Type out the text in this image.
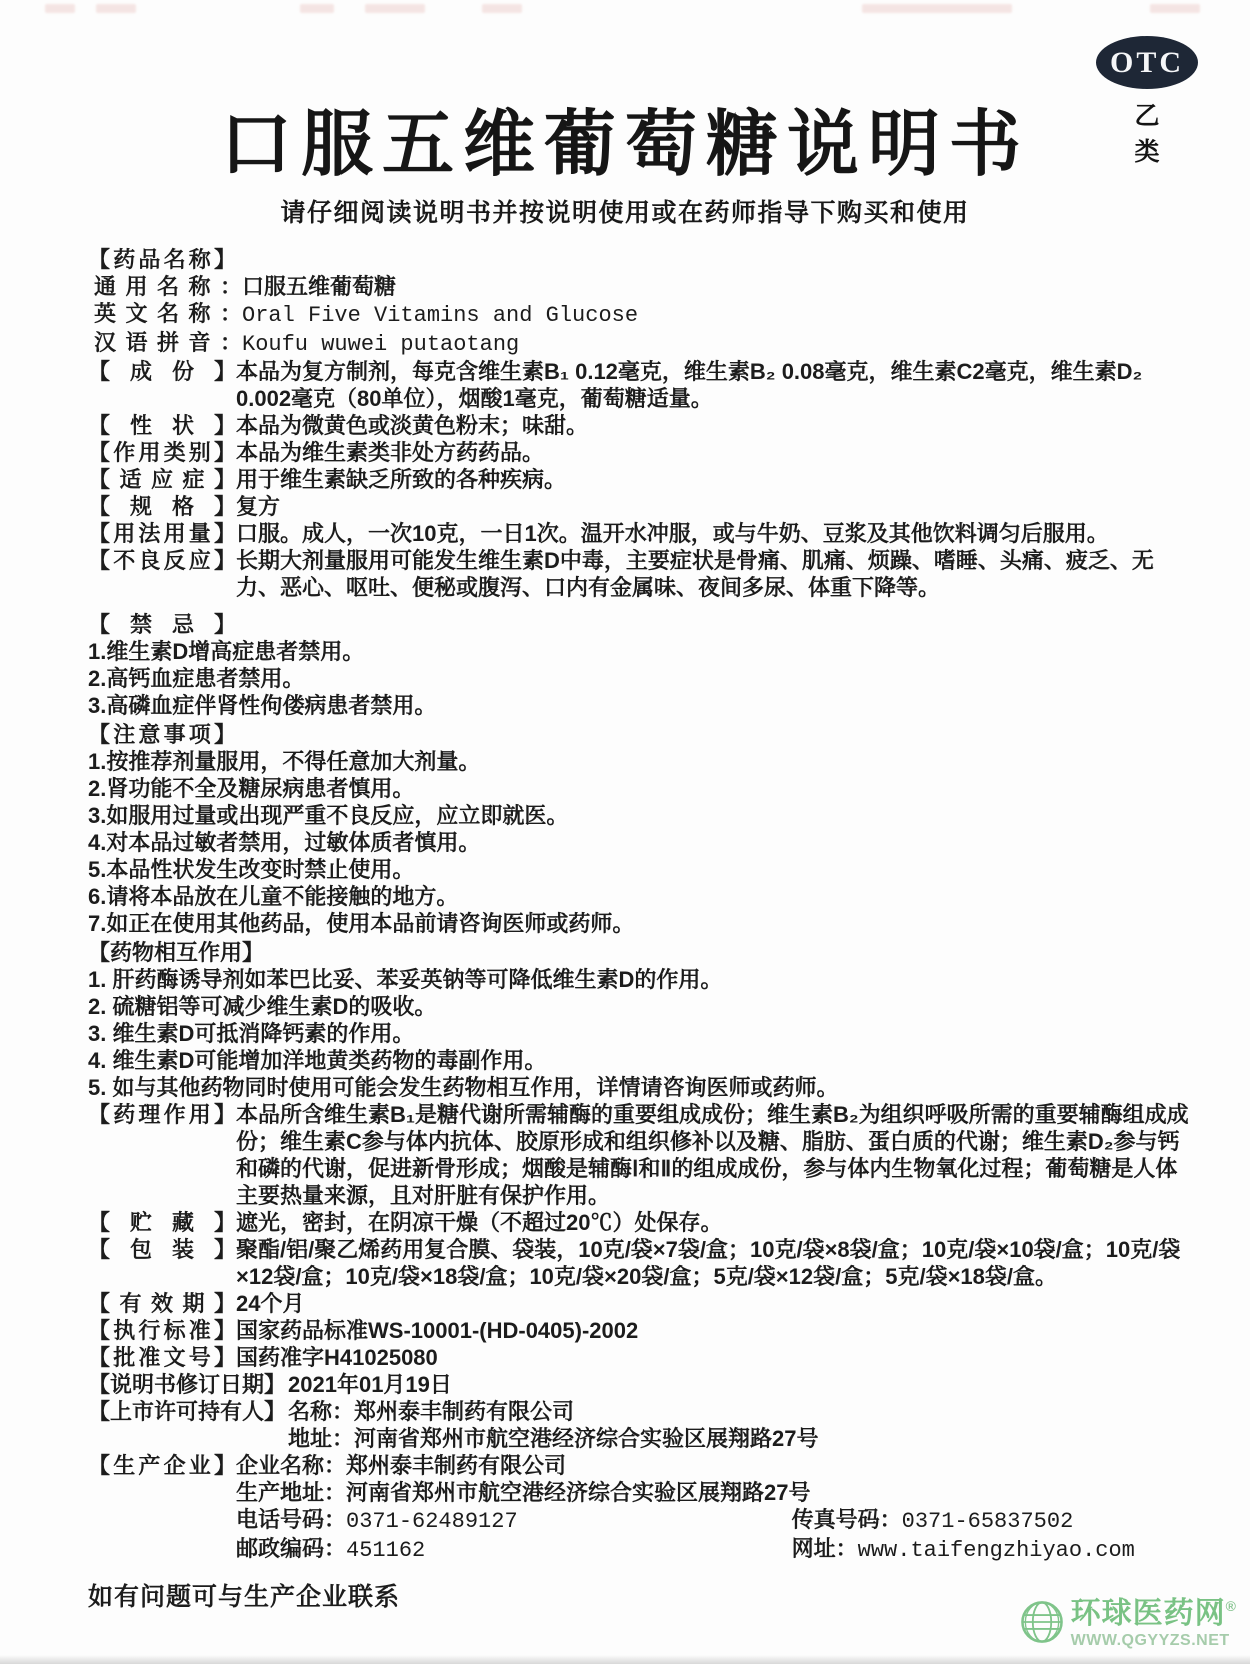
OTC
乙 类
口服五维葡萄糖说明书
请仔细阅读说明书并按说明使用或在药师指导下购买和使用
【药品名称】
通用名称： 口服五维葡萄糖
英文名称： Oral Five Vitamins and Glucose
汉语拼音： Koufu wuwei putaotang
【成份】 本品为复方制剂，每克含维生素B₁ 0.12毫克，维生素B₂ 0.08毫克，维生素C2毫克，维生素D₂ 0.002毫克（80单位），烟酸1毫克，葡萄糖适量。
【性状】 本品为微黄色或淡黄色粉末；味甜。
【作用类别】 本品为维生素类非处方药药品。
【适应症】 用于维生素缺乏所致的各种疾病。
【规格】 复方
【用法用量】 口服。成人，一次10克，一日1次。温开水冲服，或与牛奶、豆浆及其他饮料调匀后服用。
【不良反应】 长期大剂量服用可能发生维生素D中毒，主要症状是骨痛、肌痛、烦躁、嗜睡、头痛、疲乏、无力、恶心、呕吐、便秘或腹泻、口内有金属味、夜间多尿、体重下降等。
【禁忌】
1.维生素D增高症患者禁用。
2.高钙血症患者禁用。
3.高磷血症伴肾性佝偻病患者禁用。
【注意事项】
1.按推荐剂量服用，不得任意加大剂量。
2.肾功能不全及糖尿病患者慎用。
3.如服用过量或出现严重不良反应，应立即就医。
4.对本品过敏者禁用，过敏体质者慎用。
5.本品性状发生改变时禁止使用。
6.请将本品放在儿童不能接触的地方。
7.如正在使用其他药品，使用本品前请咨询医师或药师。
【药物相互作用】
1. 肝药酶诱导剂如苯巴比妥、苯妥英钠等可降低维生素D的作用。
2. 硫糖铝等可减少维生素D的吸收。
3. 维生素D可抵消降钙素的作用。
4. 维生素D可能增加洋地黄类药物的毒副作用。
5. 如与其他药物同时使用可能会发生药物相互作用，详情请咨询医师或药师。
【药理作用】 本品所含维生素B₁是糖代谢所需辅酶的重要组成成份；维生素B₂为组织呼吸所需的重要辅酶组成成份；维生素C参与体内抗体、胶原形成和组织修补以及糖、脂肪、蛋白质的代谢；维生素D₂参与钙和磷的代谢，促进新骨形成；烟酸是辅酶Ⅰ和Ⅱ的组成成份，参与体内生物氧化过程；葡萄糖是人体主要热量来源，且对肝脏有保护作用。
【贮藏】 遮光，密封，在阴凉干燥（不超过20℃）处保存。
【包装】 聚酯/铝/聚乙烯药用复合膜、袋装，10克/袋×7袋/盒；10克/袋×8袋/盒；10克/袋×10袋/盒；10克/袋×12袋/盒；10克/袋×18袋/盒；10克/袋×20袋/盒；5克/袋×12袋/盒；5克/袋×18袋/盒。
【有效期】 24个月
【执行标准】 国家药品标准WS-10001-(HD-0405)-2002
【批准文号】 国药准字H41025080
【说明书修订日期】 2021年01月19日
【上市许可持有人】 名称：郑州泰丰制药有限公司
地址：河南省郑州市航空港经济综合实验区展翔路27号
【生产企业】 企业名称：郑州泰丰制药有限公司
生产地址：河南省郑州市航空港经济综合实验区展翔路27号
电话号码：0371-62489127	传真号码：0371-65837502
邮政编码：451162	网址：www.taifengzhiyao.com
如有问题可与生产企业联系
环球医药网®
WWW.QGYYZS.NET
